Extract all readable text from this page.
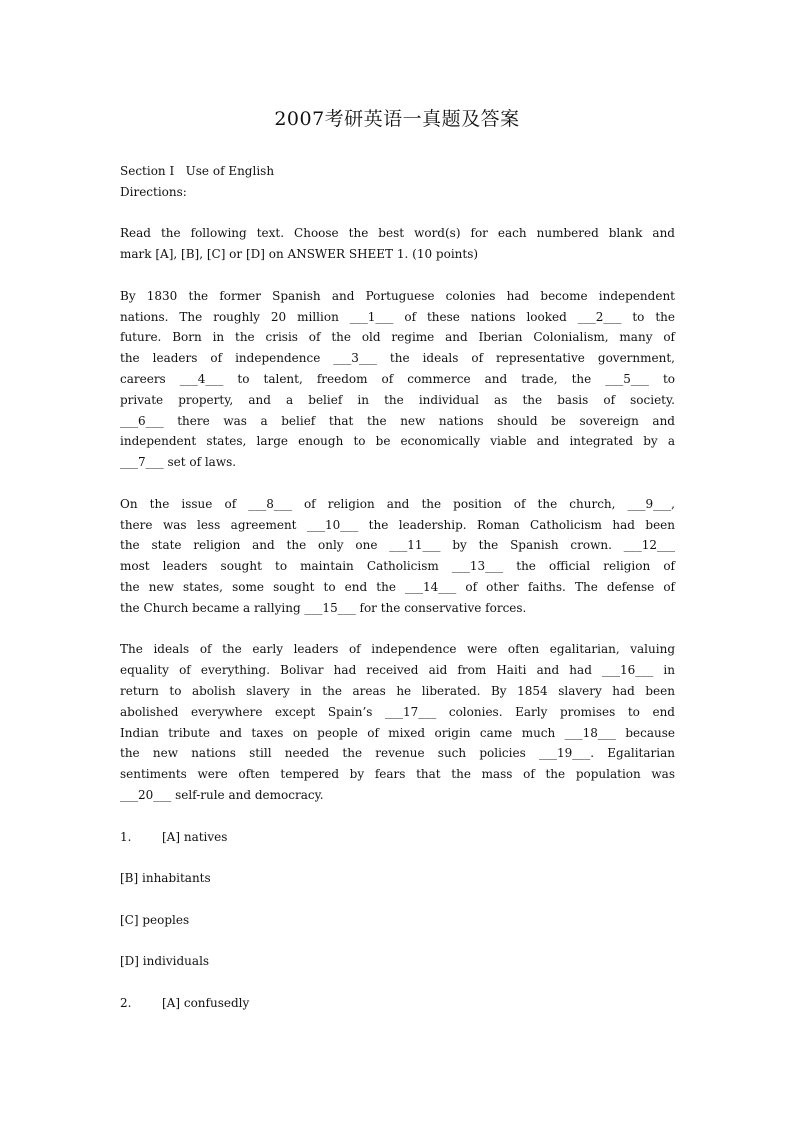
2007考研英语一真题及答案
Section I   Use of English
Directions:
Read the following text. Choose the best word(s) for each numbered blank and
mark [A], [B], [C] or [D] on ANSWER SHEET 1. (10 points)
By 1830 the former Spanish and Portuguese colonies had become independent
nations. The roughly 20 million ___1___ of these nations looked ___2___ to the
future. Born in the crisis of the old regime and Iberian Colonialism, many of
the leaders of independence ___3___ the ideals of representative government,
careers ___4___ to talent, freedom of commerce and trade, the ___5___ to
private property, and a belief in the individual as the basis of society.
___6___ there was a belief that the new nations should be sovereign and
independent states, large enough to be economically viable and integrated by a
___7___ set of laws.
On the issue of ___8___ of religion and the position of the church, ___9___,
there was less agreement ___10___ the leadership. Roman Catholicism had been
the state religion and the only one ___11___ by the Spanish crown. ___12___
most leaders sought to maintain Catholicism ___13___ the official religion of
the new states, some sought to end the ___14___ of other faiths. The defense of
the Church became a rallying ___15___ for the conservative forces.
The ideals of the early leaders of independence were often egalitarian, valuing
equality of everything. Bolivar had received aid from Haiti and had ___16___ in
return to abolish slavery in the areas he liberated. By 1854 slavery had been
abolished everywhere except Spain’s ___17___ colonies. Early promises to end
Indian tribute and taxes on people of mixed origin came much ___18___ because
the new nations still needed the revenue such policies ___19___. Egalitarian
sentiments were often tempered by fears that the mass of the population was
___20___ self-rule and democracy.
1.	[A] natives
[B] inhabitants
[C] peoples
[D] individuals
2.	[A] confusedly
